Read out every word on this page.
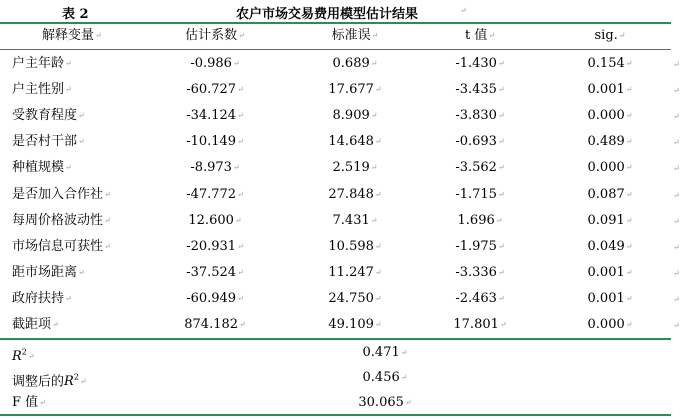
表 2	农户市场交易费用模型估计结果	↵
解释变量↵	估计系数↵	标准误↵	t 值↵	sig.↵
户主年龄↵	-0.986↵	0.689↵	-1.430↵	0.154↵	↵
户主性别↵	-60.727↵	17.677↵	-3.435↵	0.001↵	↵
受教育程度↵	-34.124↵	8.909↵	-3.830↵	0.000↵	↵
是否村干部↵	-10.149↵	14.648↵	-0.693↵	0.489↵	↵
种植规模↵	-8.973↵	2.519↵	-3.562↵	0.000↵	↵
是否加入合作社↵	-47.772↵	27.848↵	-1.715↵	0.087↵	↵
每周价格波动性↵	12.600↵	7.431↵	1.696↵	0.091↵	↵
市场信息可获性↵	-20.931↵	10.598↵	-1.975↵	0.049↵	↵
距市场距离↵	-37.524↵	11.247↵	-3.336↵	0.001↵	↵
政府扶持↵	-60.949↵	24.750↵	-2.463↵	0.001↵	↵
截距项↵	874.182↵	49.109↵	17.801↵	0.000↵	↵
$R^2↵$	0.471↵
调整后的$R^2↵$	0.456↵
F 值↵	30.065↵
